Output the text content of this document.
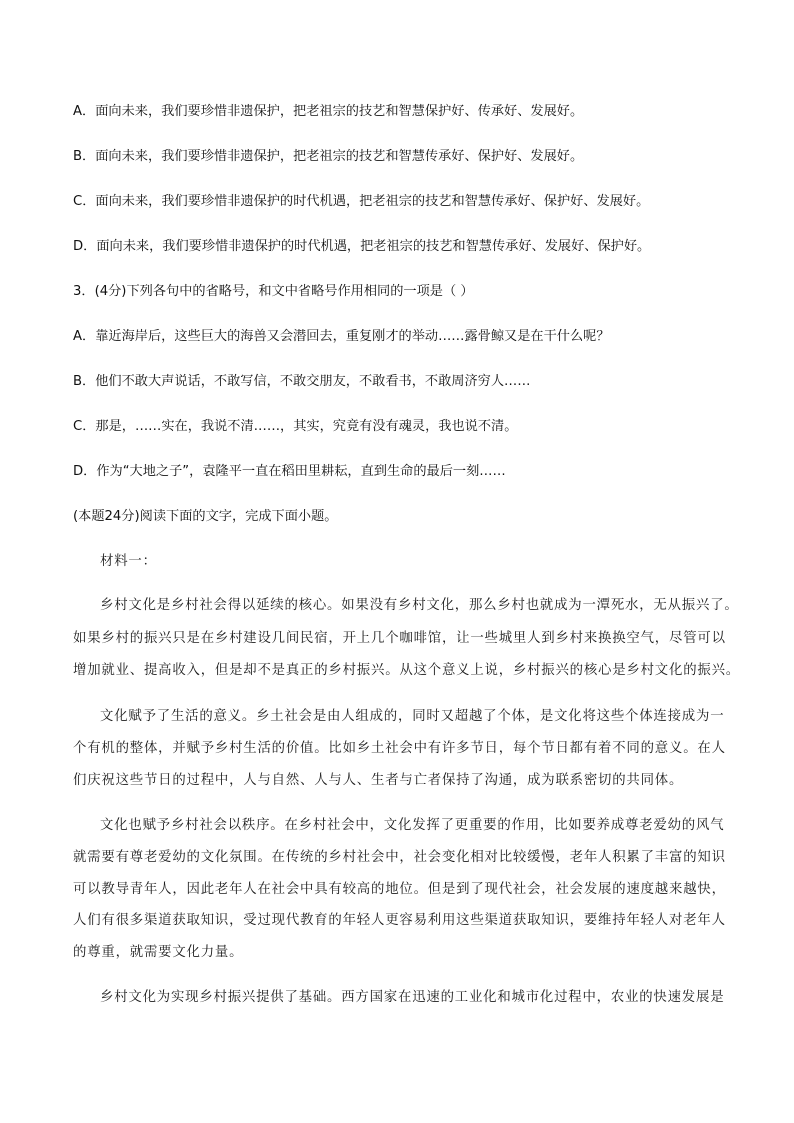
A．面向未来，我们要珍惜非遗保护，把老祖宗的技艺和智慧保护好、传承好、发展好。
B．面向未来，我们要珍惜非遗保护，把老祖宗的技艺和智慧传承好、保护好、发展好。
C．面向未来，我们要珍惜非遗保护的时代机遇，把老祖宗的技艺和智慧传承好、保护好、发展好。
D．面向未来，我们要珍惜非遗保护的时代机遇，把老祖宗的技艺和智慧传承好、发展好、保护好。
3．(4分)下列各句中的省略号，和文中省略号作用相同的一项是（ ）
A．靠近海岸后，这些巨大的海兽又会潜回去，重复刚才的举动……露骨鲸又是在干什么呢？
B．他们不敢大声说话，不敢写信，不敢交朋友，不敢看书，不敢周济穷人……
C．那是，……实在，我说不清……，其实，究竟有没有魂灵，我也说不清。
D．作为“大地之子”，袁隆平一直在稻田里耕耘，直到生命的最后一刻……
(本题24分)阅读下面的文字，完成下面小题。
材料一：
乡村文化是乡村社会得以延续的核心。如果没有乡村文化，那么乡村也就成为一潭死水，无从振兴了。
如果乡村的振兴只是在乡村建设几间民宿，开上几个咖啡馆，让一些城里人到乡村来换换空气，尽管可以
增加就业、提高收入，但是却不是真正的乡村振兴。从这个意义上说，乡村振兴的核心是乡村文化的振兴。
文化赋予了生活的意义。乡土社会是由人组成的，同时又超越了个体，是文化将这些个体连接成为一
个有机的整体，并赋予乡村生活的价值。比如乡土社会中有许多节日，每个节日都有着不同的意义。在人
们庆祝这些节日的过程中，人与自然、人与人、生者与亡者保持了沟通，成为联系密切的共同体。
文化也赋予乡村社会以秩序。在乡村社会中，文化发挥了更重要的作用，比如要养成尊老爱幼的风气
就需要有尊老爱幼的文化氛围。在传统的乡村社会中，社会变化相对比较缓慢，老年人积累了丰富的知识
可以教导青年人，因此老年人在社会中具有较高的地位。但是到了现代社会，社会发展的速度越来越快，
人们有很多渠道获取知识，受过现代教育的年轻人更容易利用这些渠道获取知识，要维持年轻人对老年人
的尊重，就需要文化力量。
乡村文化为实现乡村振兴提供了基础。西方国家在迅速的工业化和城市化过程中，农业的快速发展是
